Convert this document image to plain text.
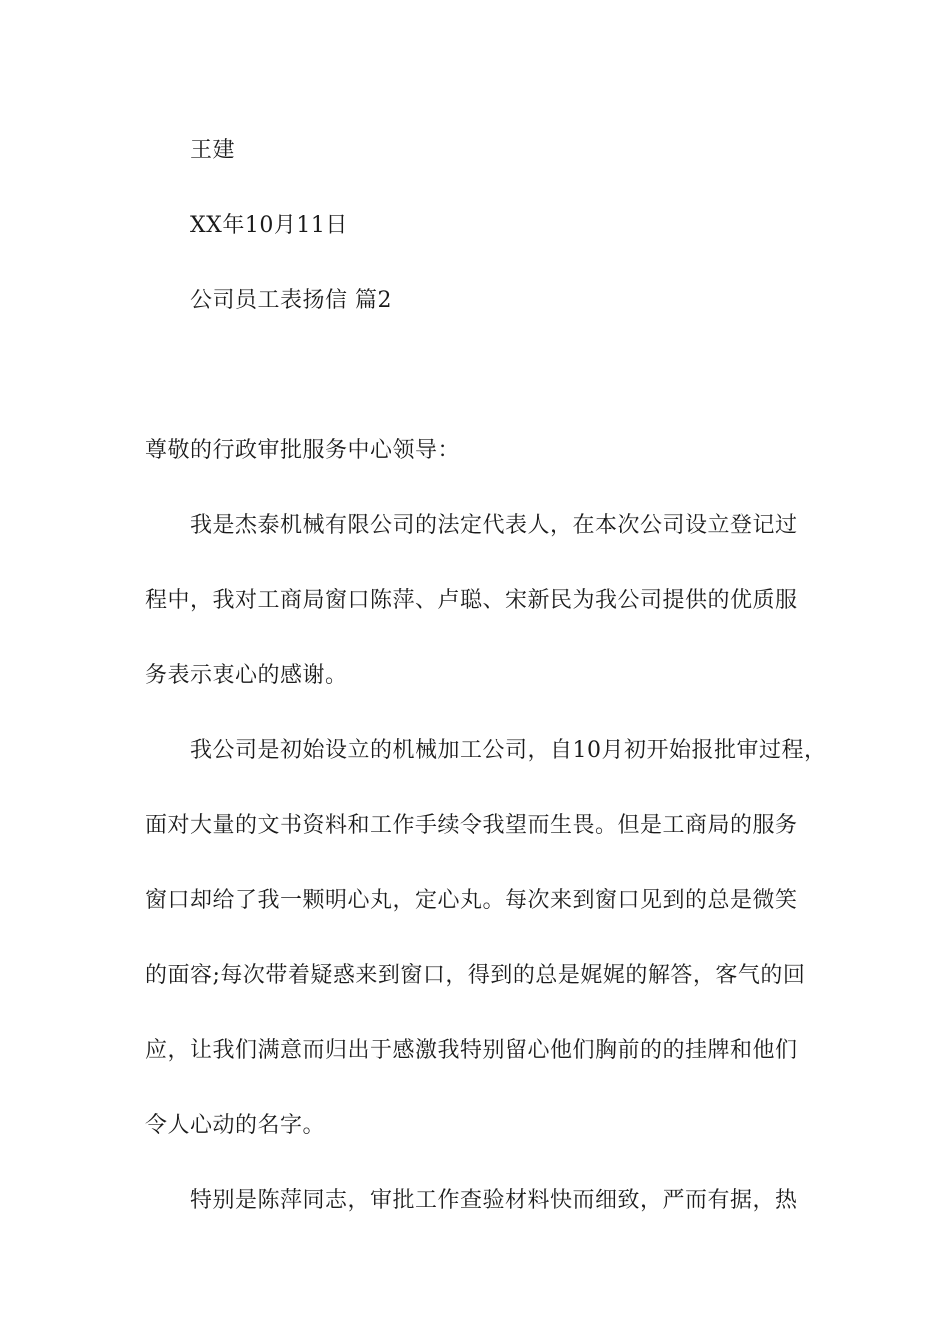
王建
XX年10月11日
公司员工表扬信 篇2
尊敬的行政审批服务中心领导：
我是杰泰机械有限公司的法定代表人，在本次公司设立登记过
程中，我对工商局窗口陈萍、卢聪、宋新民为我公司提供的优质服
务表示衷心的感谢。
我公司是初始设立的机械加工公司，自10月初开始报批审过程，
面对大量的文书资料和工作手续令我望而生畏。但是工商局的服务
窗口却给了我一颗明心丸，定心丸。每次来到窗口见到的总是微笑
的面容;每次带着疑惑来到窗口，得到的总是娓娓的解答，客气的回
应，让我们满意而归出于感激我特别留心他们胸前的的挂牌和他们
令人心动的名字。
特别是陈萍同志，审批工作查验材料快而细致，严而有据，热
